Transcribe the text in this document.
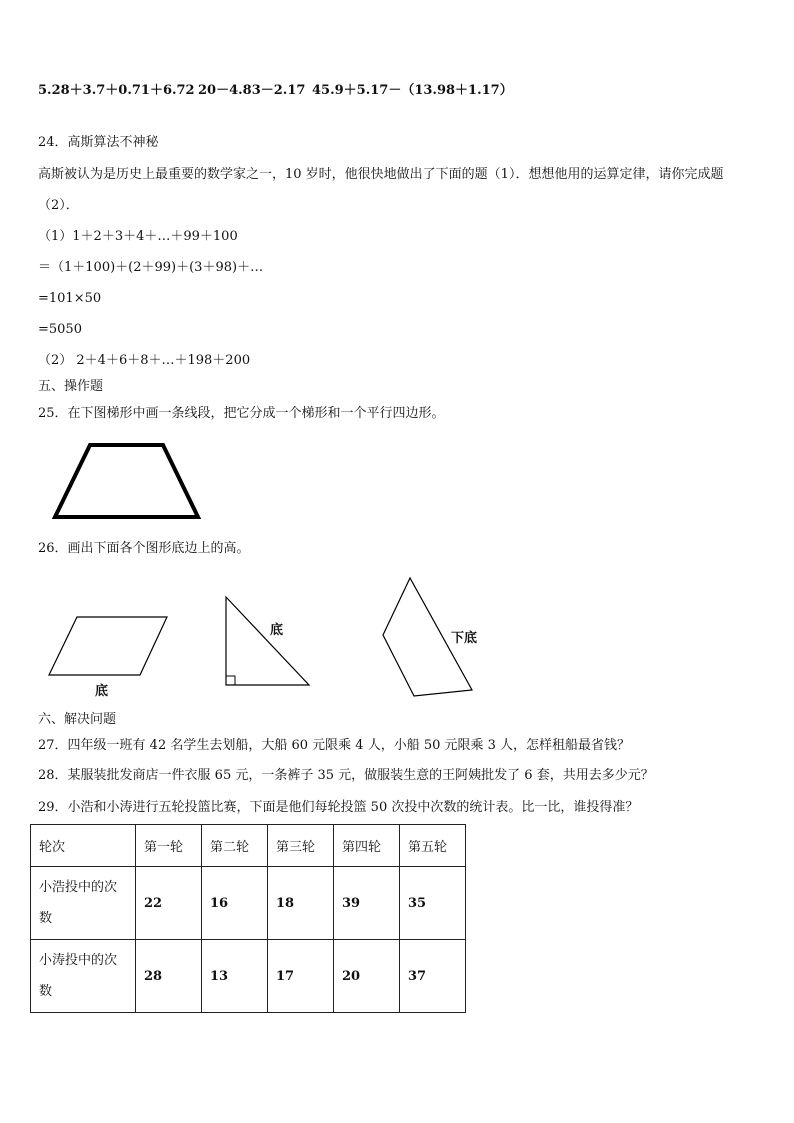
5.28＋3.7＋0.71＋6.72 20－4.83－2.17 45.9＋5.17－（13.98＋1.17）
24．高斯算法不神秘
高斯被认为是历史上最重要的数学家之一，10 岁时，他很快地做出了下面的题（1）．想想他用的运算定律，请你完成题（2）．
（1）1＋2＋3＋4＋…＋99＋100
＝（1＋100)＋(2＋99)＋(3＋98)＋…
=101×50
=5050
（2） 2＋4＋6＋8＋…＋198＋200
五、操作题
25．在下图梯形中画一条线段，把它分成一个梯形和一个平行四边形。
26．画出下面各个图形底边上的高。
底
底
下底
六、解决问题
27．四年级一班有 42 名学生去划船，大船 60 元限乘 4 人，小船 50 元限乘 3 人，怎样租船最省钱？
28．某服装批发商店一件衣服 65 元，一条裤子 35 元，做服装生意的王阿姨批发了 6 套，共用去多少元？
29．小浩和小涛进行五轮投篮比赛，下面是他们每轮投篮 50 次投中次数的统计表。比一比，谁投得准？
轮次	第一轮	第二轮	第三轮	第四轮	第五轮

小浩投中的次
数	22	16	18	39	35

小涛投中的次
数	28	13	17	20	37
